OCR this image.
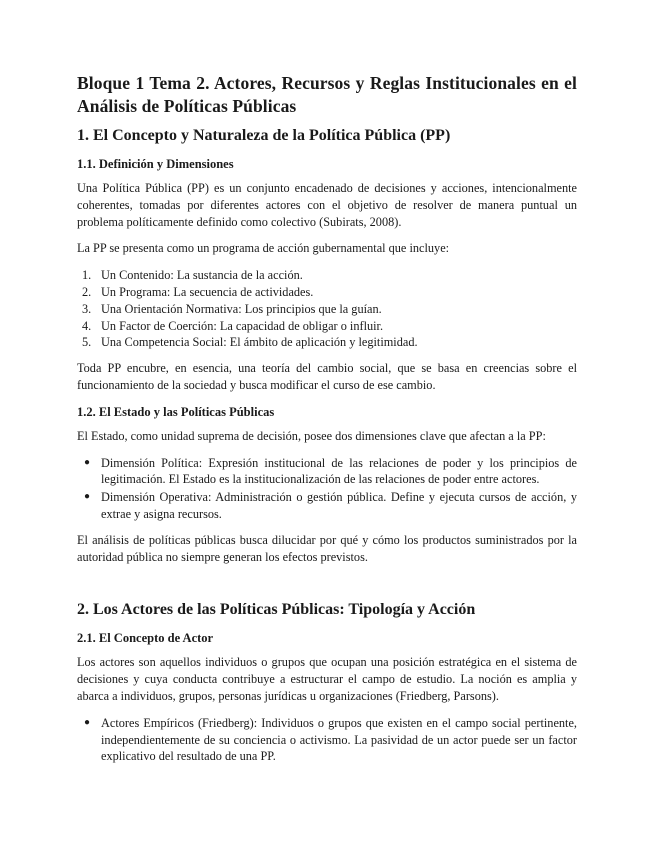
Bloque 1 Tema 2. Actores, Recursos y Reglas Institucionales en el Análisis de Políticas Públicas
1. El Concepto y Naturaleza de la Política Pública (PP)
1.1. Definición y Dimensiones

Una Política Pública (PP) es un conjunto encadenado de decisiones y acciones, intencionalmente coherentes, tomadas por diferentes actores con el objetivo de resolver de manera puntual un problema políticamente definido como colectivo (Subirats, 2008).

La PP se presenta como un programa de acción gubernamental que incluye:

1. Un Contenido: La sustancia de la acción.
2. Un Programa: La secuencia de actividades.
3. Una Orientación Normativa: Los principios que la guían.
4. Un Factor de Coerción: La capacidad de obligar o influir.
5. Una Competencia Social: El ámbito de aplicación y legitimidad.

Toda PP encubre, en esencia, una teoría del cambio social, que se basa en creencias sobre el funcionamiento de la sociedad y busca modificar el curso de ese cambio.

1.2. El Estado y las Políticas Públicas

El Estado, como unidad suprema de decisión, posee dos dimensiones clave que afectan a la PP:

● Dimensión Política: Expresión institucional de las relaciones de poder y los principios de legitimación. El Estado es la institucionalización de las relaciones de poder entre actores.
● Dimensión Operativa: Administración o gestión pública. Define y ejecuta cursos de acción, y extrae y asigna recursos.

El análisis de políticas públicas busca dilucidar por qué y cómo los productos suministrados por la autoridad pública no siempre generan los efectos previstos.

2. Los Actores de las Políticas Públicas: Tipología y Acción
2.1. El Concepto de Actor

Los actores son aquellos individuos o grupos que ocupan una posición estratégica en el sistema de decisiones y cuya conducta contribuye a estructurar el campo de estudio. La noción es amplia y abarca a individuos, grupos, personas jurídicas u organizaciones (Friedberg, Parsons).

● Actores Empíricos (Friedberg): Individuos o grupos que existen en el campo social pertinente, independientemente de su conciencia o activismo. La pasividad de un actor puede ser un factor explicativo del resultado de una PP.
